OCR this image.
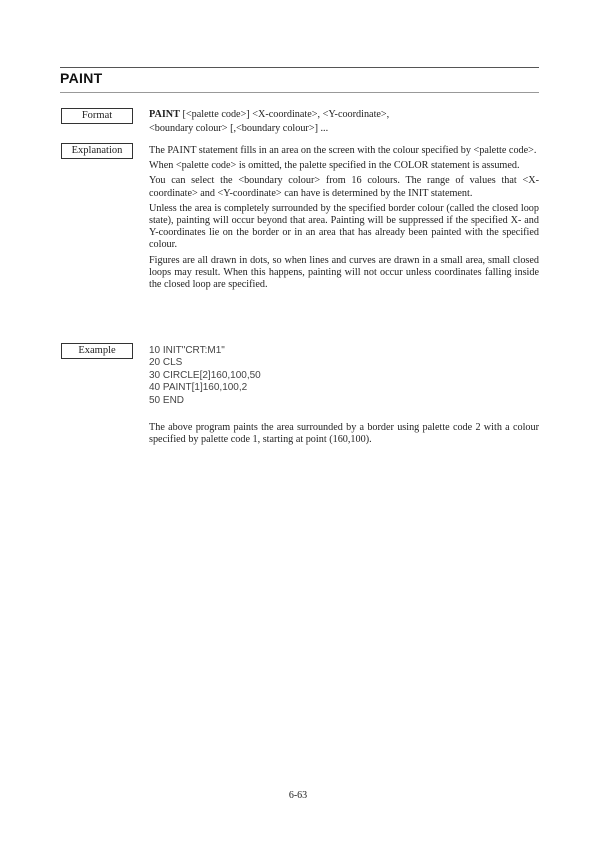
PAINT
Format	PAINT [<palette code>] <X-coordinate>, <Y-coordinate>,

<boundary colour> [,<boundary colour>] ...

Explanation	The PAINT statement fills in an area on the screen with the colour specified by <palette code>.

When <palette code> is omitted, the palette specified in the COLOR statement is assumed.

You can select the <boundary colour> from 16 colours. The range of values that <X-coordinate> and <Y-coordinate> can have is determined by the INIT statement.

Unless the area is completely surrounded by the specified border colour (called the closed loop state), painting will occur beyond that area. Painting will be suppressed if the specified X- and Y-coordinates lie on the border or in an area that has already been painted with the specified colour.

Figures are all drawn in dots, so when lines and curves are drawn in a small area, small closed loops may result. When this happens, painting will not occur unless coordinates falling inside the closed loop are specified.

Example	10 INIT"CRT:M1"
20 CLS
30 CIRCLE[2]160,100,50
40 PAINT[1]160,100,2
50 END

The above program paints the area surrounded by a border using palette code 2 with a colour specified by palette code 1, starting at point (160,100).

6-63
